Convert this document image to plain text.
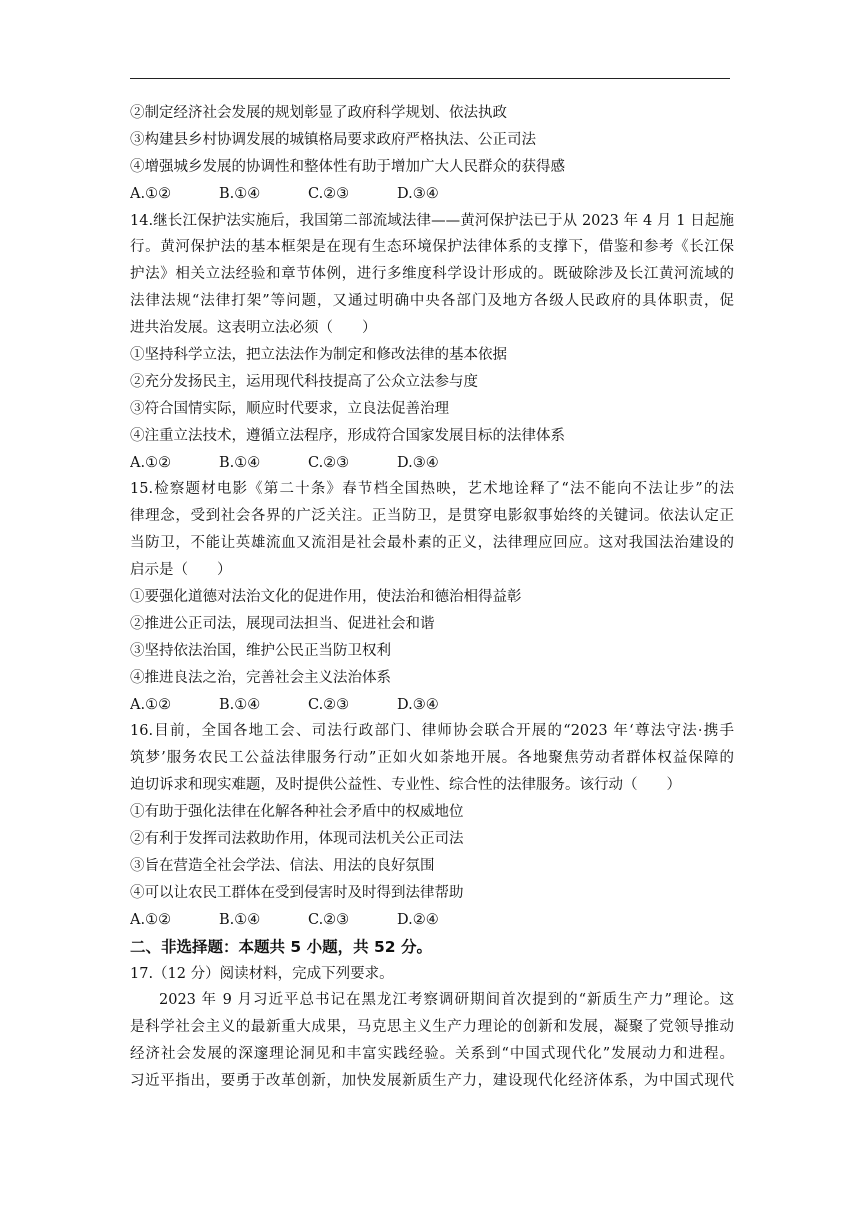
②制定经济社会发展的规划彰显了政府科学规划、依法执政
③构建县乡村协调发展的城镇格局要求政府严格执法、公正司法
④增强城乡发展的协调性和整体性有助于增加广大人民群众的获得感
A.①②	B.①④	C.②③	D.③④
14.继长江保护法实施后，我国第二部流域法律——黄河保护法已于从 2023 年 4 月 1 日起施
行。黄河保护法的基本框架是在现有生态环境保护法律体系的支撑下，借鉴和参考《长江保
护法》相关立法经验和章节体例，进行多维度科学设计形成的。既破除涉及长江黄河流域的
法律法规“法律打架”等问题，又通过明确中央各部门及地方各级人民政府的具体职责，促
进共治发展。这表明立法必须（　　）
①坚持科学立法，把立法法作为制定和修改法律的基本依据
②充分发扬民主，运用现代科技提高了公众立法参与度
③符合国情实际，顺应时代要求，立良法促善治理
④注重立法技术，遵循立法程序，形成符合国家发展目标的法律体系
A.①②	B.①④	C.②③	D.③④
15.检察题材电影《第二十条》春节档全国热映，艺术地诠释了“法不能向不法让步”的法
律理念，受到社会各界的广泛关注。正当防卫，是贯穿电影叙事始终的关键词。依法认定正
当防卫，不能让英雄流血又流泪是社会最朴素的正义，法律理应回应。这对我国法治建设的
启示是（　　）
①要强化道德对法治文化的促进作用，使法治和德治相得益彰
②推进公正司法，展现司法担当、促进社会和谐
③坚持依法治国，维护公民正当防卫权利
④推进良法之治，完善社会主义法治体系
A.①②	B.①④	C.②③	D.③④
16.目前，全国各地工会、司法行政部门、律师协会联合开展的“2023 年‘尊法守法·携手
筑梦’服务农民工公益法律服务行动”正如火如荼地开展。各地聚焦劳动者群体权益保障的
迫切诉求和现实难题，及时提供公益性、专业性、综合性的法律服务。该行动（　　）
①有助于强化法律在化解各种社会矛盾中的权威地位
②有利于发挥司法救助作用，体现司法机关公正司法
③旨在营造全社会学法、信法、用法的良好氛围
④可以让农民工群体在受到侵害时及时得到法律帮助
A.①②	B.①④	C.②③	D.②④
二、非选择题：本题共 5 小题，共 52 分。
17.（12 分）阅读材料，完成下列要求。
2023 年 9 月习近平总书记在黑龙江考察调研期间首次提到的“新质生产力”理论。这
是科学社会主义的最新重大成果，马克思主义生产力理论的创新和发展，凝聚了党领导推动
经济社会发展的深邃理论洞见和丰富实践经验。关系到“中国式现代化”发展动力和进程。
习近平指出，要勇于改革创新，加快发展新质生产力，建设现代化经济体系，为中国式现代
